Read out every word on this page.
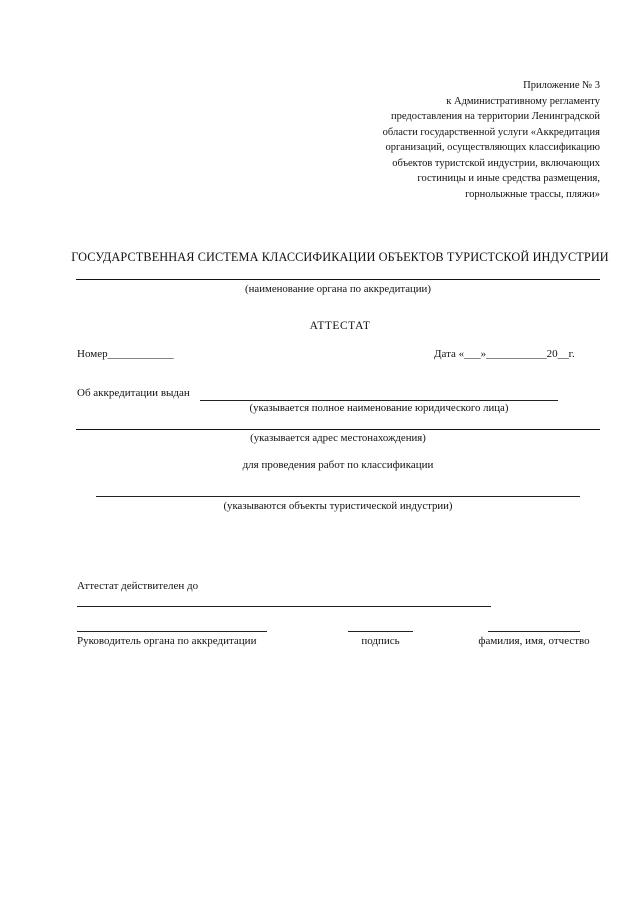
Приложение № 3
к Административному регламенту
предоставления на территории Ленинградской
области государственной услуги «Аккредитация
организаций, осуществляющих классификацию
объектов туристской индустрии, включающих
гостиницы и иные средства размещения,
горнолыжные трассы, пляжи»
ГОСУДАРСТВЕННАЯ СИСТЕМА КЛАССИФИКАЦИИ ОБЪЕКТОВ ТУРИСТСКОЙ ИНДУСТРИИ
(наименование органа по аккредитации)
АТТЕСТАТ
Номер____________	Дата «___»___________20__г.
Об аккредитации выдан
(указывается полное наименование юридического лица)
(указывается адрес местонахождения)
для проведения работ по классификации
(указываются объекты туристической индустрии)
Аттестат действителен до
Руководитель органа по аккредитации	подпись	фамилия, имя, отчество
